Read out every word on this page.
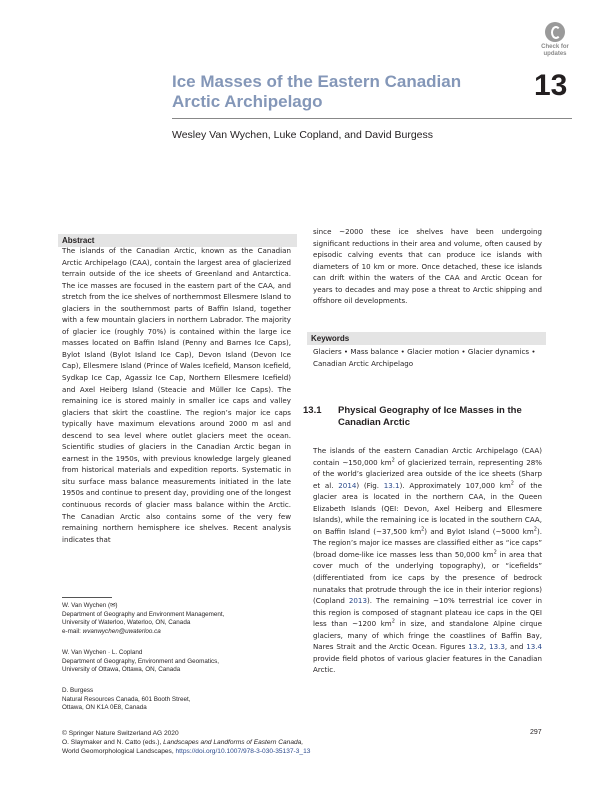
Check for updates
Ice Masses of the Eastern Canadian Arctic Archipelago	13
Wesley Van Wychen, Luke Copland, and David Burgess
Abstract

The islands of the Canadian Arctic, known as the Canadian Arctic Archipelago (CAA), contain the largest area of glacierized terrain outside of the ice sheets of Greenland and Antarctica. The ice masses are focused in the eastern part of the CAA, and stretch from the ice shelves of northernmost Ellesmere Island to glaciers in the southernmost parts of Baffin Island, together with a few mountain glaciers in northern Labrador. The majority of glacier ice (roughly 70%) is contained within the large ice masses located on Baffin Island (Penny and Barnes Ice Caps), Bylot Island (Bylot Island Ice Cap), Devon Island (Devon Ice Cap), Ellesmere Island (Prince of Wales Icefield, Manson Icefield, Sydkap Ice Cap, Agassiz Ice Cap, Northern Ellesmere Icefield) and Axel Heiberg Island (Steacie and Müller Ice Caps). The remaining ice is stored mainly in smaller ice caps and valley glaciers that skirt the coastline. The region’s major ice caps typically have maximum elevations around 2000 m asl and descend to sea level where outlet glaciers meet the ocean. Scientific studies of glaciers in the Canadian Arctic began in earnest in the 1950s, with previous knowledge largely gleaned from historical materials and expedition reports. Systematic in situ surface mass balance measurements initiated in the late 1950s and continue to present day, providing one of the longest continuous records of glacier mass balance within the Arctic. The Canadian Arctic also contains some of the very few remaining northern hemisphere ice shelves. Recent analysis indicates that

since ~2000 these ice shelves have been undergoing significant reductions in their area and volume, often caused by episodic calving events that can produce ice islands with diameters of 10 km or more. Once detached, these ice islands can drift within the waters of the CAA and Arctic Ocean for years to decades and may pose a threat to Arctic shipping and offshore oil developments.

Keywords
Glaciers • Mass balance • Glacier motion • Glacier dynamics • Canadian Arctic Archipelago
13.1 Physical Geography of Ice Masses in the Canadian Arctic

The islands of the eastern Canadian Arctic Archipelago (CAA) contain ~150,000 $km^2$ of glacierized terrain, representing 28% of the world’s glacierized area outside of the ice sheets (Sharp et al. 2014) (Fig. 13.1). Approximately 107,000 $km^2$ of the glacier area is located in the northern CAA, in the Queen Elizabeth Islands (QEI: Devon, Axel Heiberg and Ellesmere Islands), while the remaining ice is located in the southern CAA, on Baffin Island (~37,500 $km^2$) and Bylot Island (~5000 $km^2$). The region’s major ice masses are classified either as “ice caps” (broad dome-like ice masses less than 50,000 $km^2$ in area that cover much of the underlying topography), or “icefields” (differentiated from ice caps by the presence of bedrock nunataks that protrude through the ice in their interior regions) (Copland 2013). The remaining ~10% terrestrial ice cover in this region is composed of stagnant plateau ice caps in the QEI less than ~1200 $km^2$ in size, and standalone Alpine cirque glaciers, many of which fringe the coastlines of Baffin Bay, Nares Strait and the Arctic Ocean. Figures 13.2, 13.3, and 13.4 provide field photos of various glacier features in the Canadian Arctic.

W. Van Wychen (✉)

Department of Geography and Environment Management,

University of Waterloo, Waterloo, ON, Canada

e-mail: wvanwychen@uwaterloo.ca

W. Van Wychen · L. Copland

Department of Geography, Environment and Geomatics,

University of Ottawa, Ottawa, ON, Canada

D. Burgess

Natural Resources Canada, 601 Booth Street,

Ottawa, ON K1A 0E8, Canada

© Springer Nature Switzerland AG 2020

O. Slaymaker and N. Catto (eds.), Landscapes and Landforms of Eastern Canada,

World Geomorphological Landscapes, https://doi.org/10.1007/978-3-030-35137-3_13

297
